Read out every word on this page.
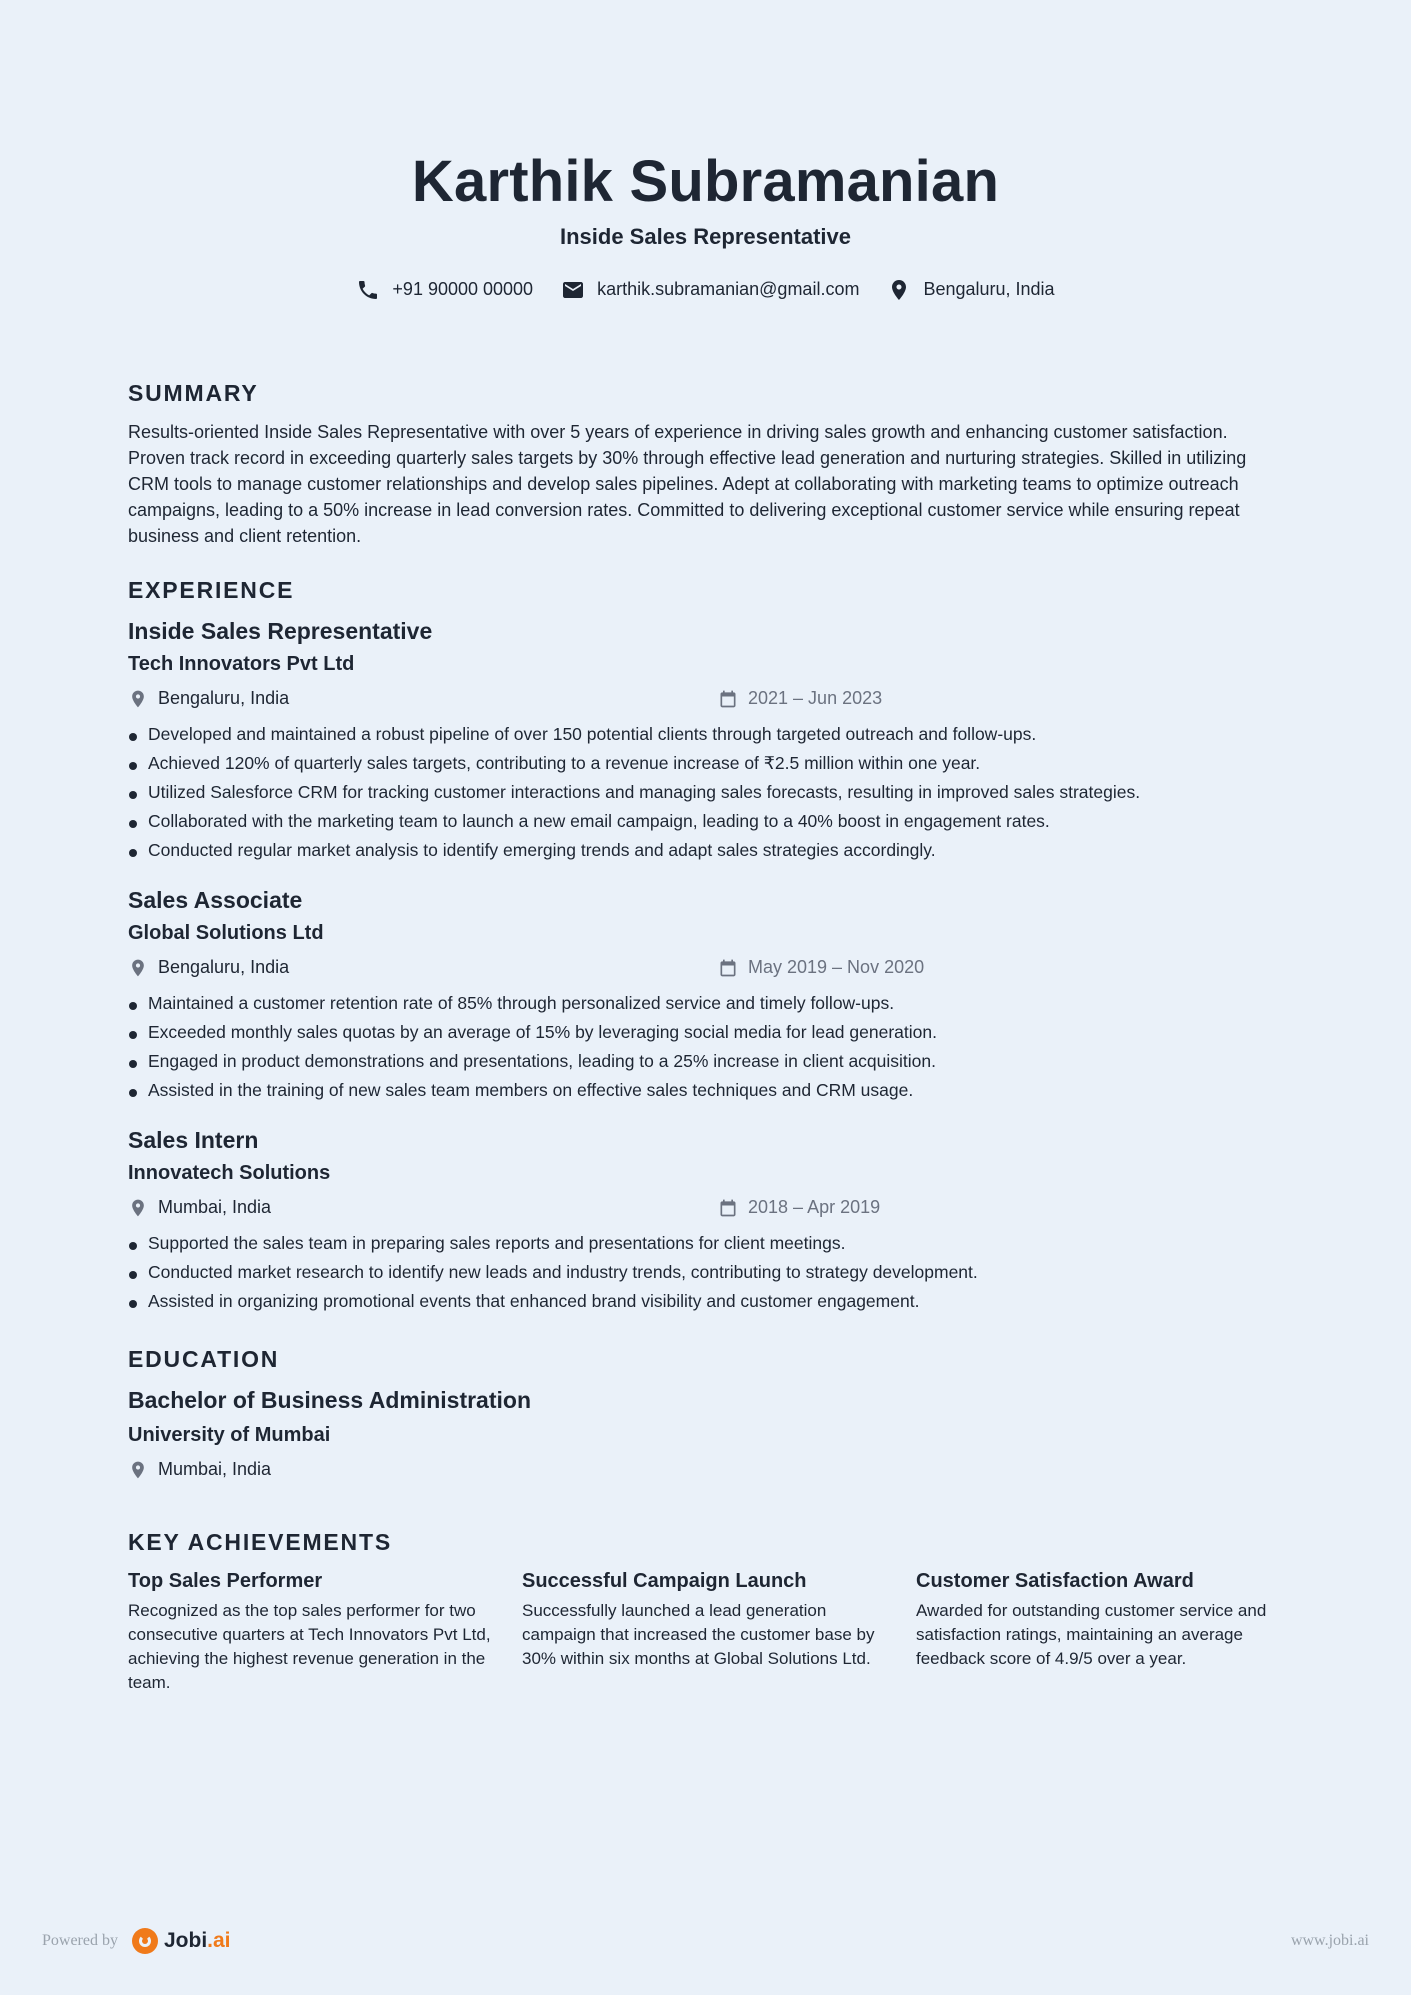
Karthik Subramanian
Inside Sales Representative
+91 90000 00000	karthik.subramanian@gmail.com	Bengaluru, India
SUMMARY

Results-oriented Inside Sales Representative with over 5 years of experience in driving sales growth and enhancing customer satisfaction. Proven track record in exceeding quarterly sales targets by 30% through effective lead generation and nurturing strategies. Skilled in utilizing CRM tools to manage customer relationships and develop sales pipelines. Adept at collaborating with marketing teams to optimize outreach campaigns, leading to a 50% increase in lead conversion rates. Committed to delivering exceptional customer service while ensuring repeat business and client retention.

EXPERIENCE
Inside Sales Representative
Tech Innovators Pvt Ltd
Bengaluru, India	2021 – Jun 2023
Developed and maintained a robust pipeline of over 150 potential clients through targeted outreach and follow-ups.
Achieved 120% of quarterly sales targets, contributing to a revenue increase of ₹2.5 million within one year.
Utilized Salesforce CRM for tracking customer interactions and managing sales forecasts, resulting in improved sales strategies.
Collaborated with the marketing team to launch a new email campaign, leading to a 40% boost in engagement rates.
Conducted regular market analysis to identify emerging trends and adapt sales strategies accordingly.
Sales Associate
Global Solutions Ltd
Bengaluru, India	May 2019 – Nov 2020
Maintained a customer retention rate of 85% through personalized service and timely follow-ups.
Exceeded monthly sales quotas by an average of 15% by leveraging social media for lead generation.
Engaged in product demonstrations and presentations, leading to a 25% increase in client acquisition.
Assisted in the training of new sales team members on effective sales techniques and CRM usage.
Sales Intern
Innovatech Solutions
Mumbai, India	2018 – Apr 2019
Supported the sales team in preparing sales reports and presentations for client meetings.
Conducted market research to identify new leads and industry trends, contributing to strategy development.
Assisted in organizing promotional events that enhanced brand visibility and customer engagement.
EDUCATION
Bachelor of Business Administration
University of Mumbai
Mumbai, India
KEY ACHIEVEMENTS
Top Sales Performer
Recognized as the top sales performer for two consecutive quarters at Tech Innovators Pvt Ltd, achieving the highest revenue generation in the team.
Successful Campaign Launch
Successfully launched a lead generation campaign that increased the customer base by 30% within six months at Global Solutions Ltd.
Customer Satisfaction Award
Awarded for outstanding customer service and satisfaction ratings, maintaining an average feedback score of 4.9/5 over a year.
Powered by Jobi.ai	www.jobi.ai
